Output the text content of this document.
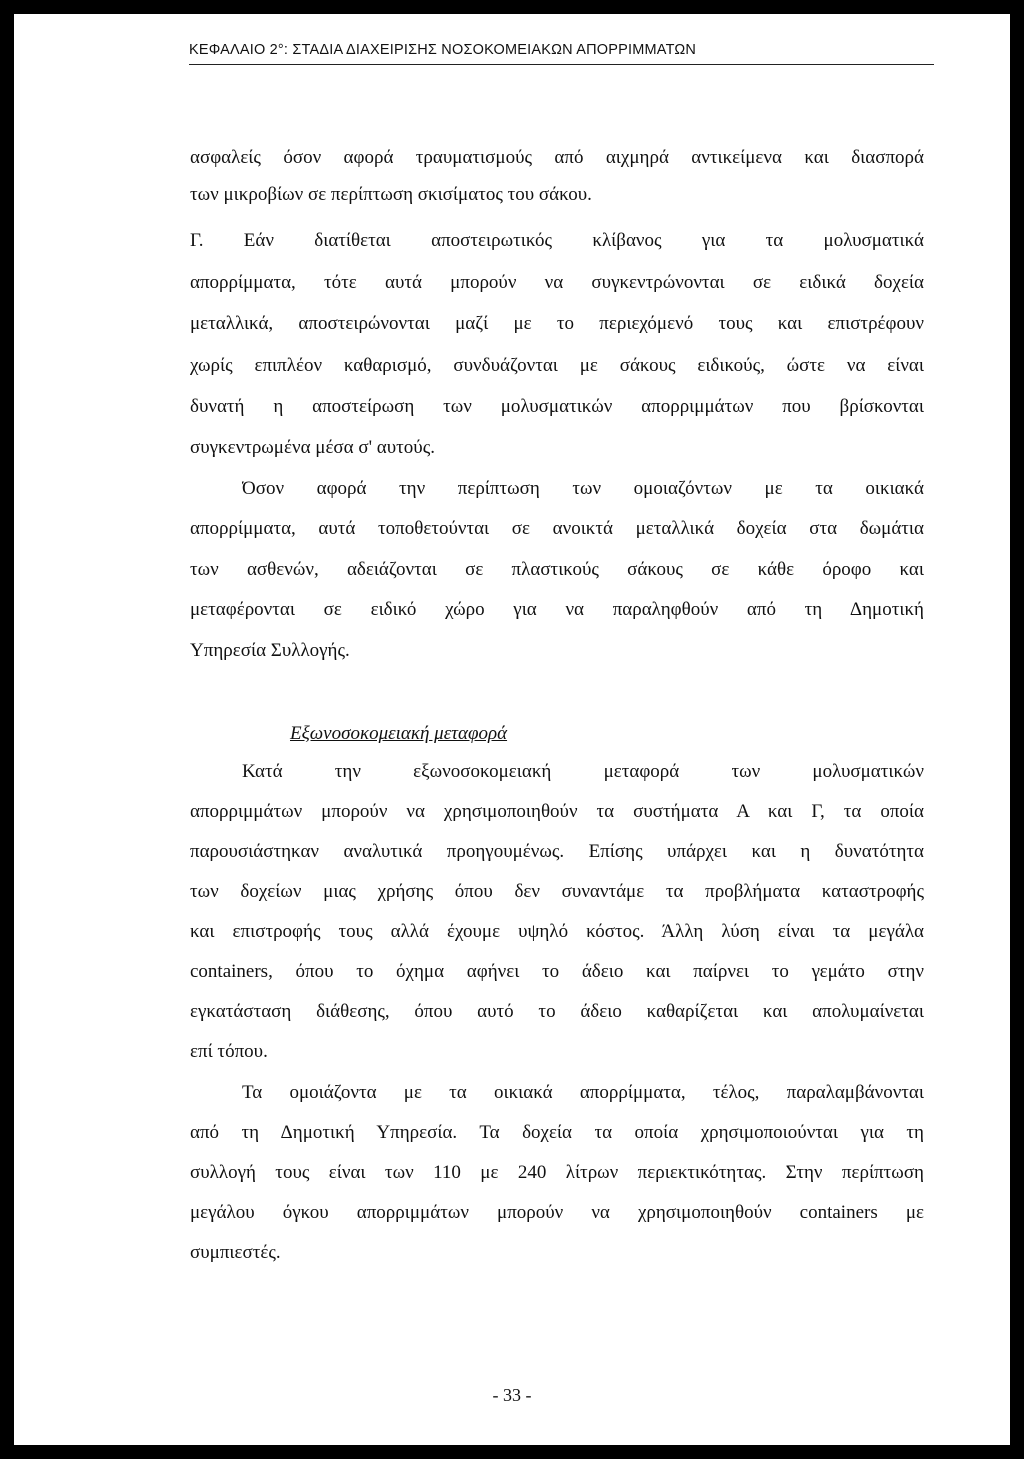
ΚΕΦΑΛΑΙΟ 2°: ΣΤΑΔΙΑ ΔΙΑΧΕΙΡΙΣΗΣ ΝΟΣΟΚΟΜΕΙΑΚΩΝ ΑΠΟΡΡΙΜΜΑΤΩΝ
ασφαλείς όσον αφορά τραυματισμούς από αιχμηρά αντικείμενα και διασπορά
των μικροβίων σε περίπτωση σκισίματος του σάκου.
Γ. Εάν διατίθεται αποστειρωτικός κλίβανος για τα μολυσματικά
απορρίμματα, τότε αυτά μπορούν να συγκεντρώνονται σε ειδικά δοχεία
μεταλλικά, αποστειρώνονται μαζί με το περιεχόμενό τους και επιστρέφουν
χωρίς επιπλέον καθαρισμό, συνδυάζονται με σάκους ειδικούς, ώστε να είναι
δυνατή η αποστείρωση των μολυσματικών απορριμμάτων που βρίσκονται
συγκεντρωμένα μέσα σ' αυτούς.
Όσον αφορά την περίπτωση των ομοιαζόντων με τα οικιακά
απορρίμματα, αυτά τοποθετούνται σε ανοικτά μεταλλικά δοχεία στα δωμάτια
των ασθενών, αδειάζονται σε πλαστικούς σάκους σε κάθε όροφο και
μεταφέρονται σε ειδικό χώρο για να παραληφθούν από τη Δημοτική
Υπηρεσία Συλλογής.
Εξωνοσοκομειακή μεταφορά
Κατά την εξωνοσοκομειακή μεταφορά των μολυσματικών
απορριμμάτων μπορούν να χρησιμοποιηθούν τα συστήματα Α και Γ, τα οποία
παρουσιάστηκαν αναλυτικά προηγουμένως. Επίσης υπάρχει και η δυνατότητα
των δοχείων μιας χρήσης όπου δεν συναντάμε τα προβλήματα καταστροφής
και επιστροφής τους αλλά έχουμε υψηλό κόστος. Άλλη λύση είναι τα μεγάλα
containers, όπου το όχημα αφήνει το άδειο και παίρνει το γεμάτο στην
εγκατάσταση διάθεσης, όπου αυτό το άδειο καθαρίζεται και απολυμαίνεται
επί τόπου.
Τα ομοιάζοντα με τα οικιακά απορρίμματα, τέλος, παραλαμβάνονται
από τη Δημοτική Υπηρεσία. Τα δοχεία τα οποία χρησιμοποιούνται για τη
συλλογή τους είναι των 110 με 240 λίτρων περιεκτικότητας. Στην περίπτωση
μεγάλου όγκου απορριμμάτων μπορούν να χρησιμοποιηθούν containers με
συμπιεστές.
- 33 -
